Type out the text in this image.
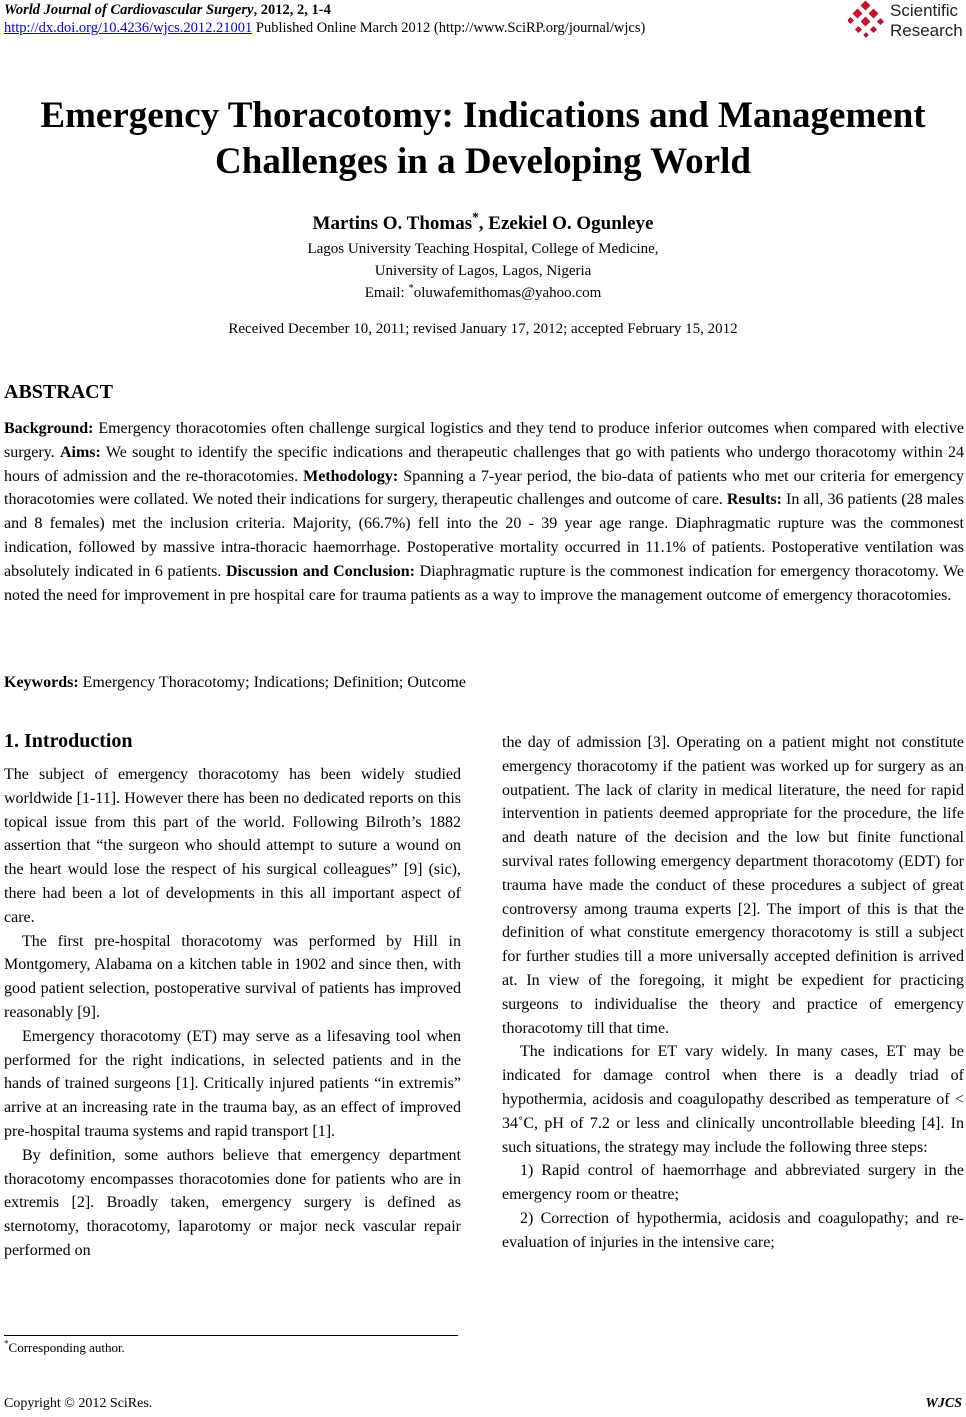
World Journal of Cardiovascular Surgery, 2012, 2, 1-4
http://dx.doi.org/10.4236/wjcs.2012.21001 Published Online March 2012 (http://www.SciRP.org/journal/wjcs)
Scientific
Research
Emergency Thoracotomy: Indications and Management
Challenges in a Developing World
Martins O. Thomas*, Ezekiel O. Ogunleye
Lagos University Teaching Hospital, College of Medicine,
University of Lagos, Lagos, Nigeria
Email: *oluwafemithomas@yahoo.com
Received December 10, 2011; revised January 17, 2012; accepted February 15, 2012
ABSTRACT
Background: Emergency thoracotomies often challenge surgical logistics and they tend to produce inferior outcomes when compared with elective surgery. Aims: We sought to identify the specific indications and therapeutic challenges that go with patients who undergo thoracotomy within 24 hours of admission and the re-thoracotomies. Methodology: Spanning a 7-year period, the bio-data of patients who met our criteria for emergency thoracotomies were collated. We noted their indications for surgery, therapeutic challenges and outcome of care. Results: In all, 36 patients (28 males and 8 females) met the inclusion criteria. Majority, (66.7%) fell into the 20 - 39 year age range. Diaphragmatic rupture was the commonest indication, followed by massive intra-thoracic haemorrhage. Postoperative mortality occurred in 11.1% of patients. Postoperative ventilation was absolutely indicated in 6 patients. Discussion and Conclusion: Diaphragmatic rupture is the commonest indication for emergency thoracotomy. We noted the need for improvement in pre hospital care for trauma patients as a way to improve the management outcome of emergency thoracotomies.
Keywords: Emergency Thoracotomy; Indications; Definition; Outcome
1. Introduction

The subject of emergency thoracotomy has been widely studied worldwide [1-11]. However there has been no dedicated reports on this topical issue from this part of the world. Following Bilroth’s 1882 assertion that “the surgeon who should attempt to suture a wound on the heart would lose the respect of his surgical colleagues” [9] (sic), there had been a lot of developments in this all important aspect of care.

The first pre-hospital thoracotomy was performed by Hill in Montgomery, Alabama on a kitchen table in 1902 and since then, with good patient selection, postoperative survival of patients has improved reasonably [9].

Emergency thoracotomy (ET) may serve as a lifesaving tool when performed for the right indications, in selected patients and in the hands of trained surgeons [1]. Critically injured patients “in extremis” arrive at an increasing rate in the trauma bay, as an effect of improved pre-hospital trauma systems and rapid transport [1].

By definition, some authors believe that emergency department thoracotomy encompasses thoracotomies done for patients who are in extremis [2]. Broadly taken, emergency surgery is defined as sternotomy, thoracotomy, laparotomy or major neck vascular repair performed on

the day of admission [3]. Operating on a patient might not constitute emergency thoracotomy if the patient was worked up for surgery as an outpatient. The lack of clarity in medical literature, the need for rapid intervention in patients deemed appropriate for the procedure, the life and death nature of the decision and the low but finite functional survival rates following emergency department thoracotomy (EDT) for trauma have made the conduct of these procedures a subject of great controversy among trauma experts [2]. The import of this is that the definition of what constitute emergency thoracotomy is still a subject for further studies till a more universally accepted definition is arrived at. In view of the foregoing, it might be expedient for practicing surgeons to individualise the theory and practice of emergency thoracotomy till that time.

The indications for ET vary widely. In many cases, ET may be indicated for damage control when there is a deadly triad of hypothermia, acidosis and coagulopathy described as temperature of < 34˚C, pH of 7.2 or less and clinically uncontrollable bleeding [4]. In such situations, the strategy may include the following three steps:

1) Rapid control of haemorrhage and abbreviated surgery in the emergency room or theatre;

2) Correction of hypothermia, acidosis and coagulopathy; and re-evaluation of injuries in the intensive care;

*Corresponding author.
Copyright © 2012 SciRes.	WJCS
